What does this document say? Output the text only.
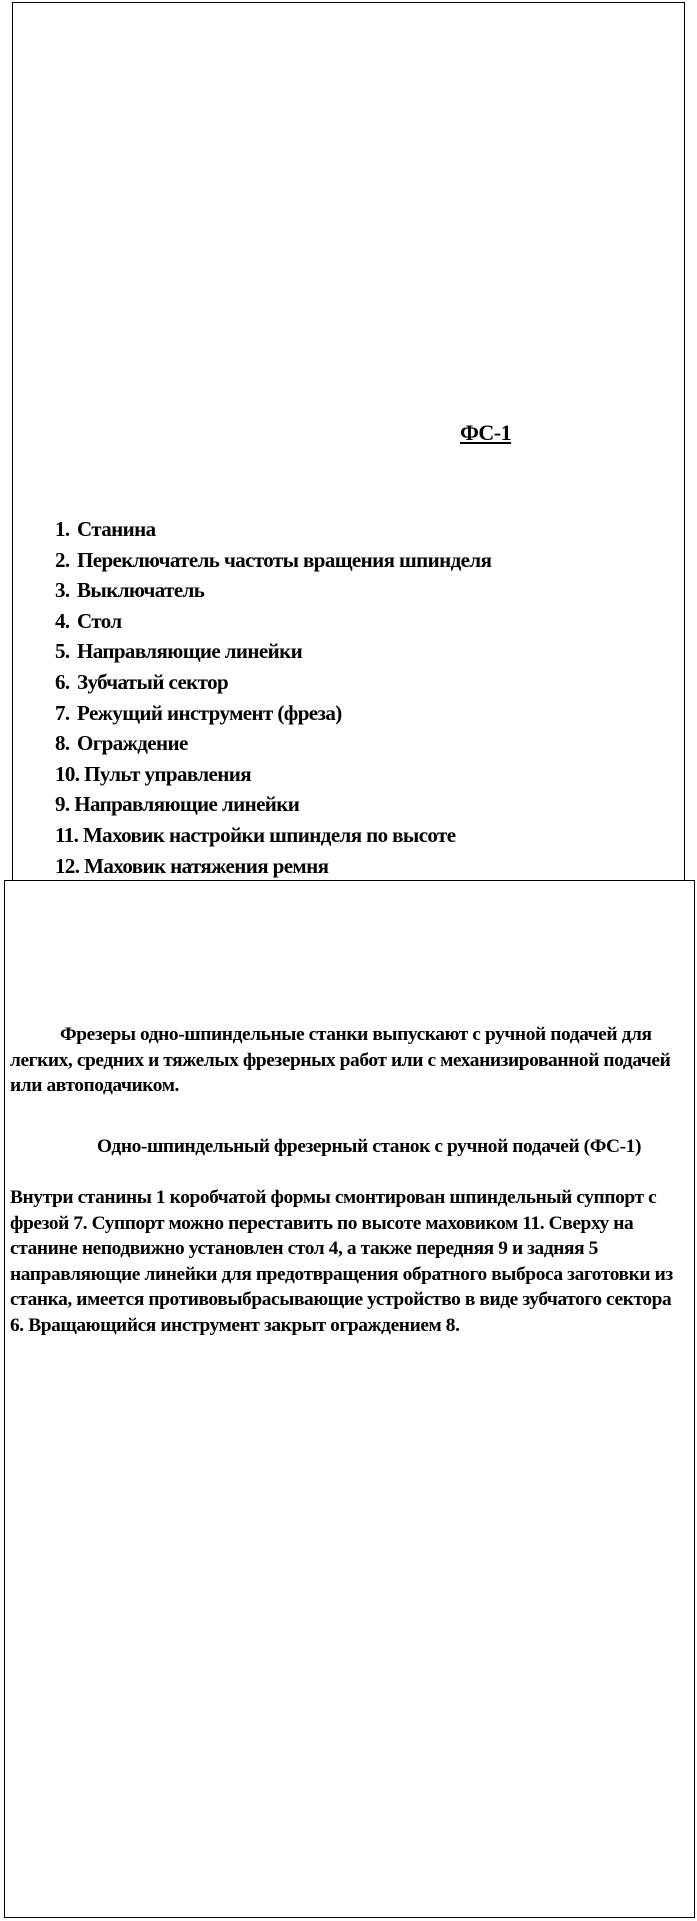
ФС-1
1. Станина
2. Переключатель частоты вращения шпинделя
3. Выключатель
4. Стол
5. Направляющие линейки
6. Зубчатый сектор
7. Режущий инструмент (фреза)
8. Ограждение
10. Пульт управления
9. Направляющие линейки
11. Маховик настройки шпинделя по высоте
12. Маховик натяжения ремня
Фрезеры одно-шпиндельные станки выпускают с ручной подачей для легких, средних и тяжелых фрезерных работ или с механизированной подачей или автоподачиком.
Одно-шпиндельный фрезерный станок с ручной подачей (ФС-1)
Внутри станины 1 коробчатой формы смонтирован шпиндельный суппорт с фрезой 7. Суппорт можно переставить по высоте маховиком 11. Сверху на станине неподвижно установлен стол 4, а также передняя 9 и задняя 5 направляющие линейки для предотвращения обратного выброса заготовки из станка, имеется противовыбрасывающие устройство в виде зубчатого сектора 6. Вращающийся инструмент закрыт ограждением 8.
